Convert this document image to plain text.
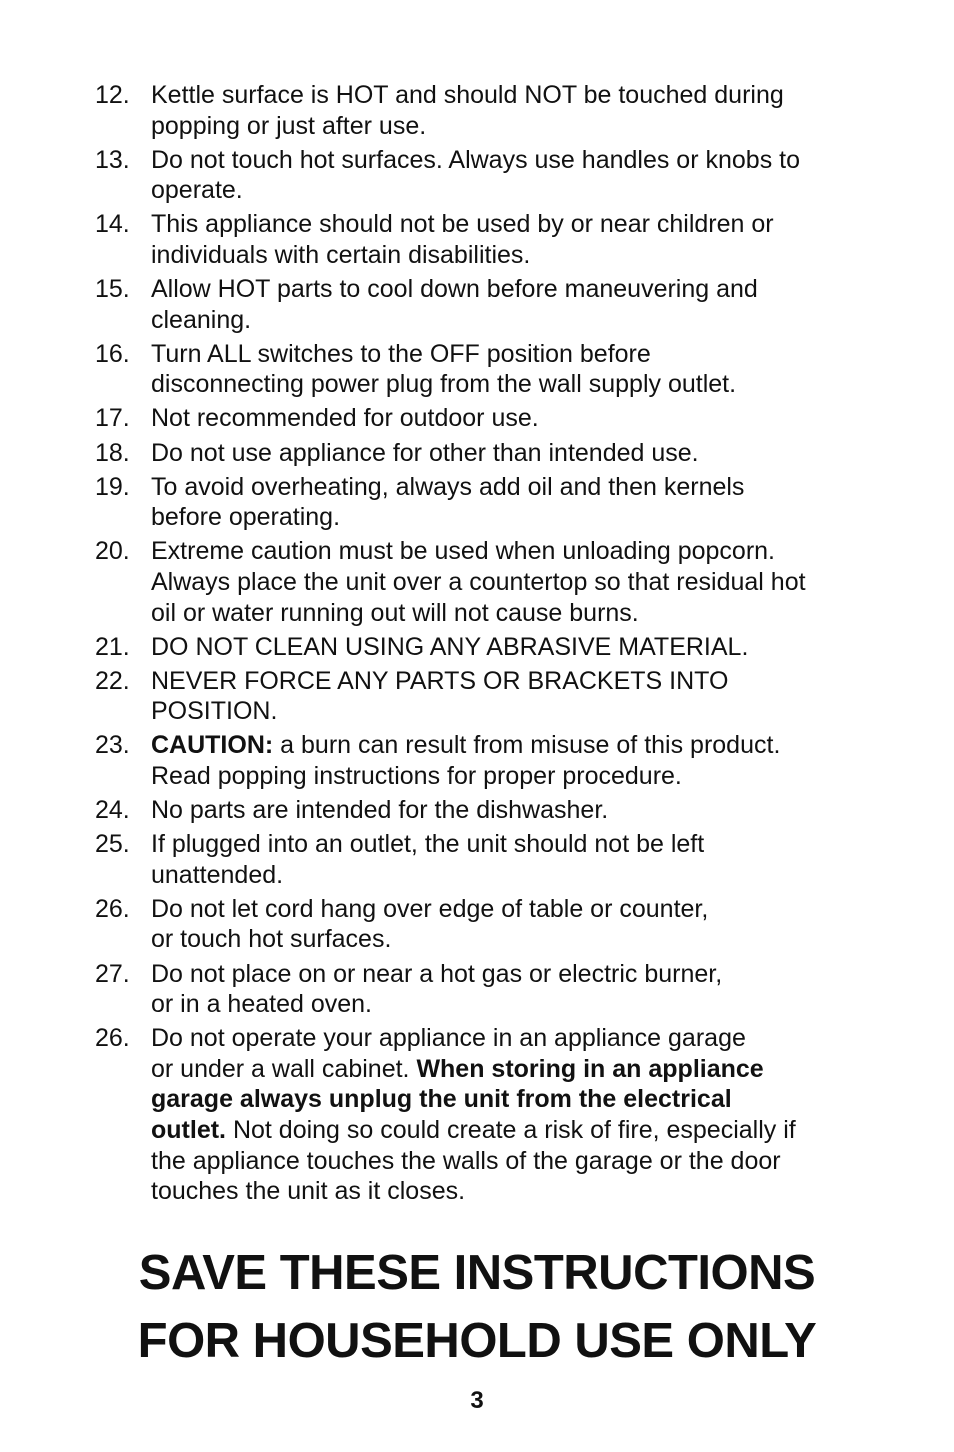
12. Kettle surface is HOT and should NOT be touched during
popping or just after use.
13. Do not touch hot surfaces. Always use handles or knobs to
operate.
14. This appliance should not be used by or near children or
individuals with certain disabilities.
15. Allow HOT parts to cool down before maneuvering and
cleaning.
16. Turn ALL switches to the OFF position before
disconnecting power plug from the wall supply outlet.
17. Not recommended for outdoor use.
18. Do not use appliance for other than intended use.
19. To avoid overheating, always add oil and then kernels
before operating.
20. Extreme caution must be used when unloading popcorn.
Always place the unit over a countertop so that residual hot
oil or water running out will not cause burns.
21. DO NOT CLEAN USING ANY ABRASIVE MATERIAL.
22. NEVER FORCE ANY PARTS OR BRACKETS INTO
POSITION.
23. CAUTION: a burn can result from misuse of this product.
Read popping instructions for proper procedure.
24. No parts are intended for the dishwasher.
25. If plugged into an outlet, the unit should not be left
unattended.
26. Do not let cord hang over edge of table or counter,
or touch hot surfaces.
27. Do not place on or near a hot gas or electric burner,
or in a heated oven.
26. Do not operate your appliance in an appliance garage
or under a wall cabinet. When storing in an appliance
garage always unplug the unit from the electrical
outlet. Not doing so could create a risk of fire, especially if
the appliance touches the walls of the garage or the door
touches the unit as it closes.
SAVE THESE INSTRUCTIONS
FOR HOUSEHOLD USE ONLY
3
